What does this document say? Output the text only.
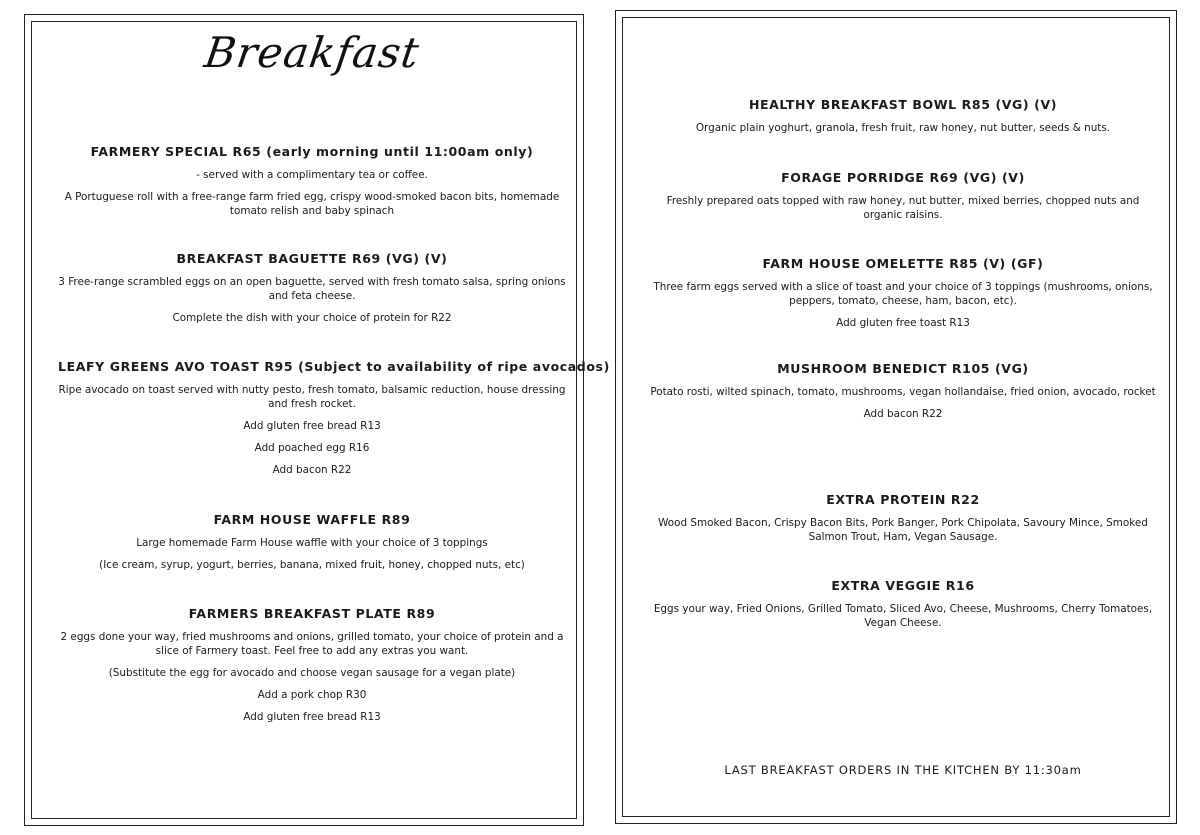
Breakfast
FARMERY SPECIAL R65 (early morning until 11:00am only)
- served with a complimentary tea or coffee.
A Portuguese roll with a free-range farm fried egg, crispy wood-smoked bacon bits, homemade tomato relish and baby spinach
BREAKFAST BAGUETTE R69 (VG) (V)
3 Free-range scrambled eggs on an open baguette, served with fresh tomato salsa, spring onions and feta cheese.
Complete the dish with your choice of protein for R22
LEAFY GREENS AVO TOAST R95 (Subject to availability of ripe avocados)
Ripe avocado on toast served with nutty pesto, fresh tomato, balsamic reduction, house dressing and fresh rocket.
Add gluten free bread R13
Add poached egg R16
Add bacon R22
FARM HOUSE WAFFLE R89
Large homemade Farm House waffle with your choice of 3 toppings
(Ice cream, syrup, yogurt, berries, banana, mixed fruit, honey, chopped nuts, etc)
FARMERS BREAKFAST PLATE R89
2 eggs done your way, fried mushrooms and onions, grilled tomato, your choice of protein and a slice of Farmery toast. Feel free to add any extras you want.
(Substitute the egg for avocado and choose vegan sausage for a vegan plate)
Add a pork chop R30
Add gluten free bread R13
HEALTHY BREAKFAST BOWL R85 (VG) (V)
Organic plain yoghurt, granola, fresh fruit, raw honey, nut butter, seeds & nuts.
FORAGE PORRIDGE R69 (VG) (V)
Freshly prepared oats topped with raw honey, nut butter, mixed berries, chopped nuts and organic raisins.
FARM HOUSE OMELETTE R85 (V) (GF)
Three farm eggs served with a slice of toast and your choice of 3 toppings (mushrooms, onions, peppers, tomato, cheese, ham, bacon, etc).
Add gluten free toast R13
MUSHROOM BENEDICT R105 (VG)
Potato rosti, wilted spinach, tomato, mushrooms, vegan hollandaise, fried onion, avocado, rocket
Add bacon R22
EXTRA PROTEIN R22
Wood Smoked Bacon, Crispy Bacon Bits, Pork Banger, Pork Chipolata, Savoury Mince, Smoked Salmon Trout, Ham, Vegan Sausage.
EXTRA VEGGIE R16
Eggs your way, Fried Onions, Grilled Tomato, Sliced Avo, Cheese, Mushrooms, Cherry Tomatoes, Vegan Cheese.
LAST BREAKFAST ORDERS IN THE KITCHEN BY 11:30am
